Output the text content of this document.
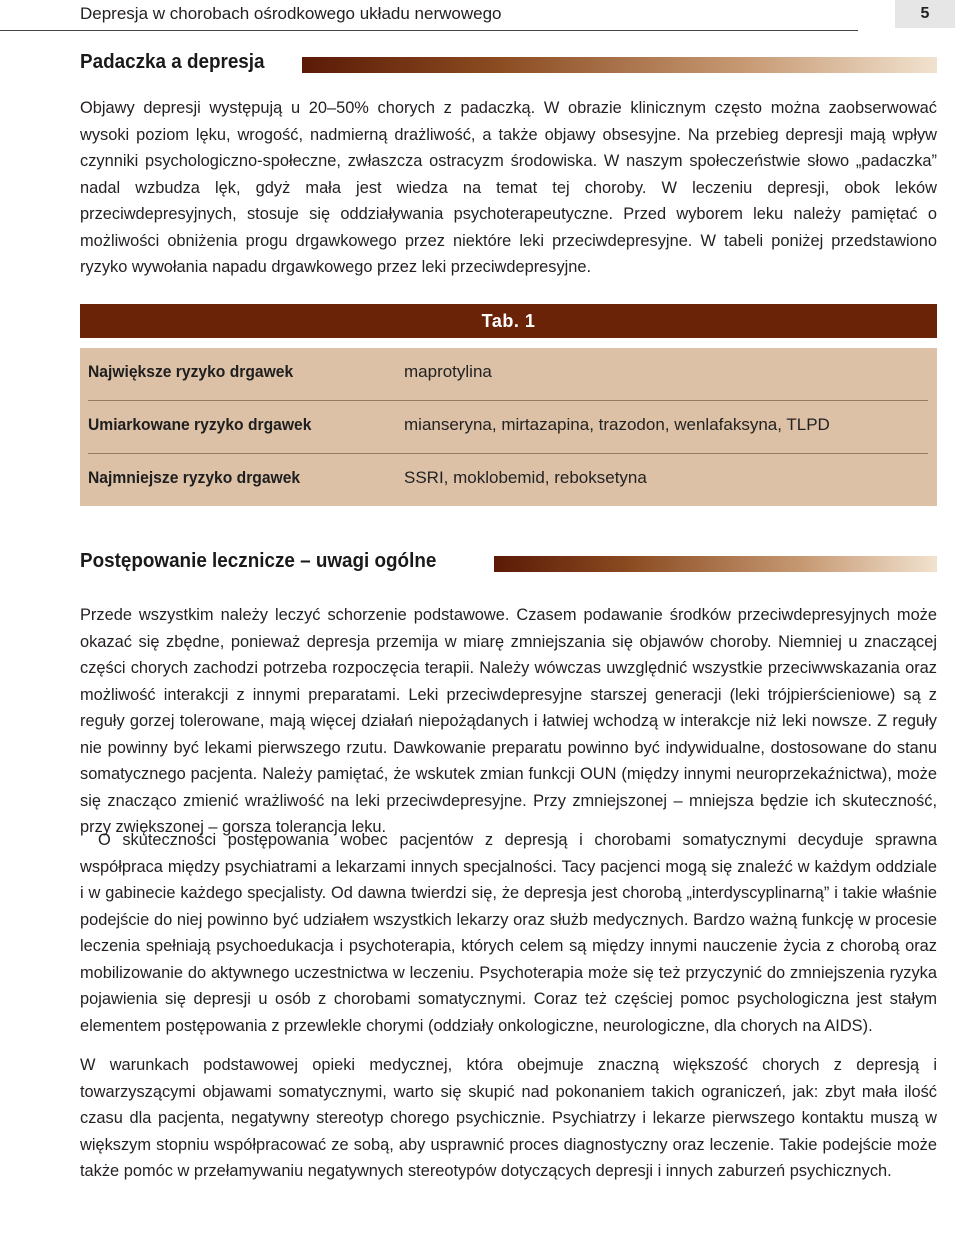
Depresja w chorobach ośrodkowego układu nerwowego	5
Padaczka a depresja

Objawy depresji występują u 20–50% chorych z padaczką. W obrazie klinicznym często można zaobserwować wysoki poziom lęku, wrogość, nadmierną drażliwość, a także objawy obsesyjne. Na przebieg depresji mają wpływ czynniki psychologiczno-społeczne, zwłaszcza ostracyzm środowiska. W naszym społeczeństwie słowo „padaczka” nadal wzbudza lęk, gdyż mała jest wiedza na temat tej choroby. W leczeniu depresji, obok leków przeciwdepresyjnych, stosuje się oddziaływania psychoterapeutyczne. Przed wyborem leku należy pamiętać o możliwości obniżenia progu drgawkowego przez niektóre leki przeciwdepresyjne. W tabeli poniżej przedstawiono ryzyko wywołania napadu drgawkowego przez leki przeciwdepresyjne.

Tab. 1
Największe ryzyko drgawek	maprotylina
Umiarkowane ryzyko drgawek	mianseryna, mirtazapina, trazodon, wenlafaksyna, TLPD
Najmniejsze ryzyko drgawek	SSRI, moklobemid, reboksetyna
Postępowanie lecznicze – uwagi ogólne

Przede wszystkim należy leczyć schorzenie podstawowe. Czasem podawanie środków przeciwdepresyjnych może okazać się zbędne, ponieważ depresja przemija w miarę zmniejszania się objawów choroby. Niemniej u znaczącej części chorych zachodzi potrzeba rozpoczęcia terapii. Należy wówczas uwzględnić wszystkie przeciwwskazania oraz możliwość interakcji z innymi preparatami. Leki przeciwdepresyjne starszej generacji (leki trójpierścieniowe) są z reguły gorzej tolerowane, mają więcej działań niepożądanych i łatwiej wchodzą w interakcje niż leki nowsze. Z reguły nie powinny być lekami pierwszego rzutu. Dawkowanie preparatu powinno być indywidualne, dostosowane do stanu somatycznego pacjenta. Należy pamiętać, że wskutek zmian funkcji OUN (między innymi neuroprzekaźnictwa), może się znacząco zmienić wrażliwość na leki przeciwdepresyjne. Przy zmniejszonej – mniejsza będzie ich skuteczność, przy zwiększonej – gorsza tolerancja leku.

O skuteczności postępowania wobec pacjentów z depresją i chorobami somatycznymi decyduje sprawna współpraca między psychiatrami a lekarzami innych specjalności. Tacy pacjenci mogą się znaleźć w każdym oddziale i w gabinecie każdego specjalisty. Od dawna twierdzi się, że depresja jest chorobą „interdyscyplinarną” i takie właśnie podejście do niej powinno być udziałem wszystkich lekarzy oraz służb medycznych. Bardzo ważną funkcję w procesie leczenia spełniają psychoedukacja i psychoterapia, których celem są między innymi nauczenie życia z chorobą oraz mobilizowanie do aktywnego uczestnictwa w leczeniu. Psychoterapia może się też przyczynić do zmniejszenia ryzyka pojawienia się depresji u osób z chorobami somatycznymi. Coraz też częściej pomoc psychologiczna jest stałym elementem postępowania z przewlekle chorymi (oddziały onkologiczne, neurologiczne, dla chorych na AIDS).

W warunkach podstawowej opieki medycznej, która obejmuje znaczną większość chorych z depresją i towarzyszącymi objawami somatycznymi, warto się skupić nad pokonaniem takich ograniczeń, jak: zbyt mała ilość czasu dla pacjenta, negatywny stereotyp chorego psychicznie. Psychiatrzy i lekarze pierwszego kontaktu muszą w większym stopniu współpracować ze sobą, aby usprawnić proces diagnostyczny oraz leczenie. Takie podejście może także pomóc w przełamywaniu negatywnych stereotypów dotyczących depresji i innych zaburzeń psychicznych.
